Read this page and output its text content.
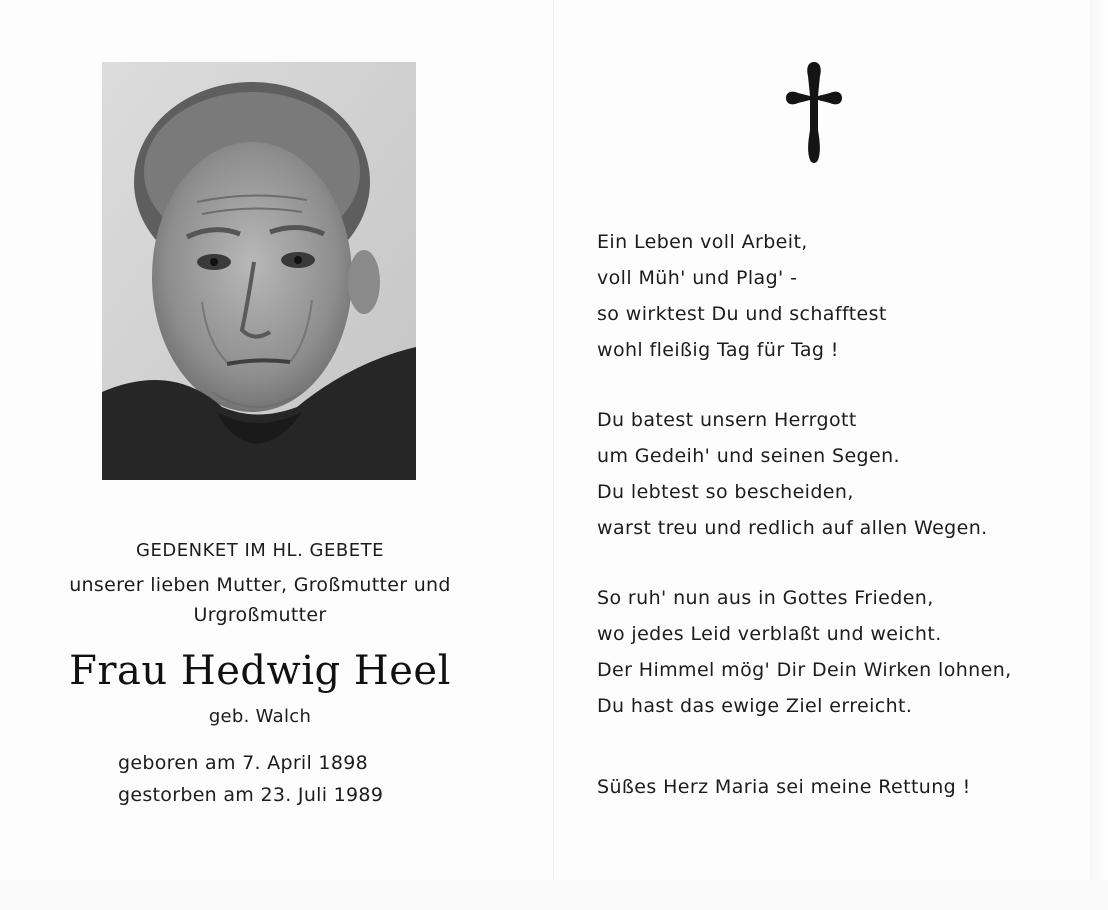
GEDENKET IM HL. GEBETE
unserer lieben Mutter, Großmutter und
Urgroßmutter
Frau Hedwig Heel
geb. Walch
geboren am 7. April 1898
gestorben am 23. Juli 1989
Ein Leben voll Arbeit,
voll Müh' und Plag' -
so wirktest Du und schafftest
wohl fleißig Tag für Tag !
Du batest unsern Herrgott
um Gedeih' und seinen Segen.
Du lebtest so bescheiden,
warst treu und redlich auf allen Wegen.
So ruh' nun aus in Gottes Frieden,
wo jedes Leid verblaßt und weicht.
Der Himmel mög' Dir Dein Wirken lohnen,
Du hast das ewige Ziel erreicht.
Süßes Herz Maria sei meine Rettung !
